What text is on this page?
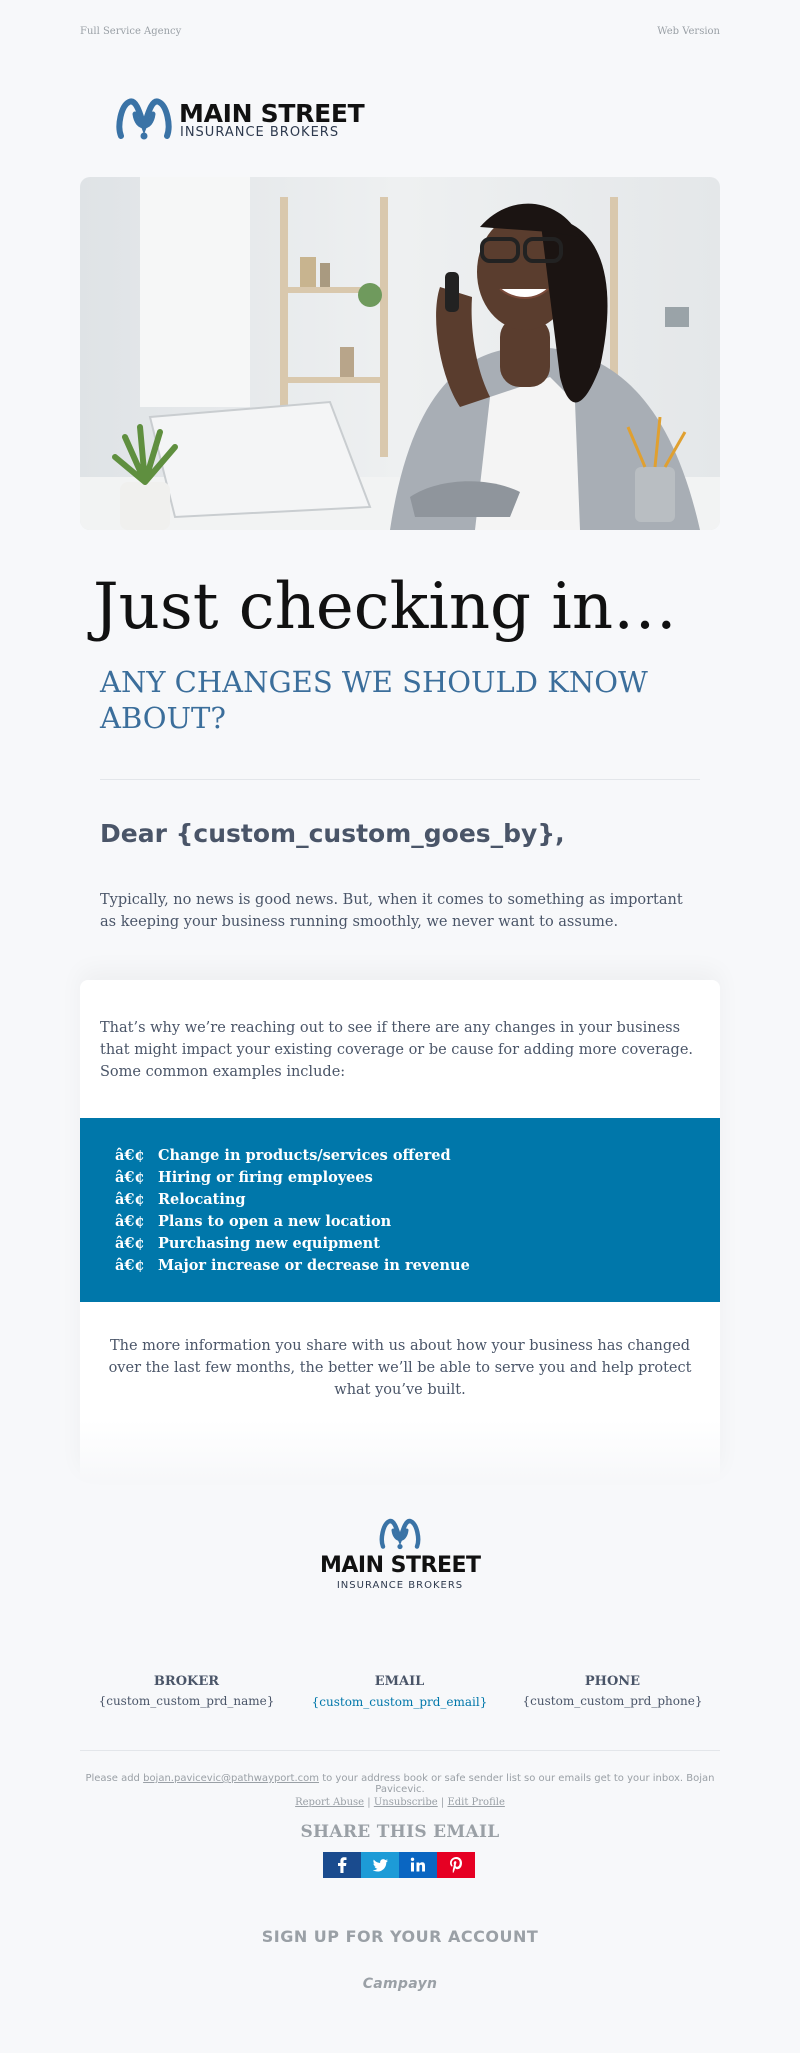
Full Service Agency	Web Version
MAIN STREET
INSURANCE BROKERS
Just checking in…
ANY CHANGES WE SHOULD KNOW ABOUT?
Dear {custom_custom_goes_by},

Typically, no news is good news. But, when it comes to something as important as keeping your business running smoothly, we never want to assume.

That’s why we’re reaching out to see if there are any changes in your business that might impact your existing coverage or be cause for adding more coverage. Some common examples include:

â€¢ Change in products/services offered
â€¢ Hiring or firing employees
â€¢ Relocating
â€¢ Plans to open a new location
â€¢ Purchasing new equipment
â€¢ Major increase or decrease in revenue

The more information you share with us about how your business has changed over the last few months, the better we’ll be able to serve you and help protect what you’ve built.

MAIN STREET
INSURANCE BROKERS
BROKER
{custom_custom_prd_name}
EMAIL
{custom_custom_prd_email}
PHONE
{custom_custom_prd_phone}
Please add bojan.pavicevic@pathwayport.com to your address book or safe sender list so our emails get to your inbox. Bojan Pavicevic.
Report Abuse | Unsubscribe | Edit Profile
SHARE THIS EMAIL
SIGN UP FOR YOUR ACCOUNT
Campayn
